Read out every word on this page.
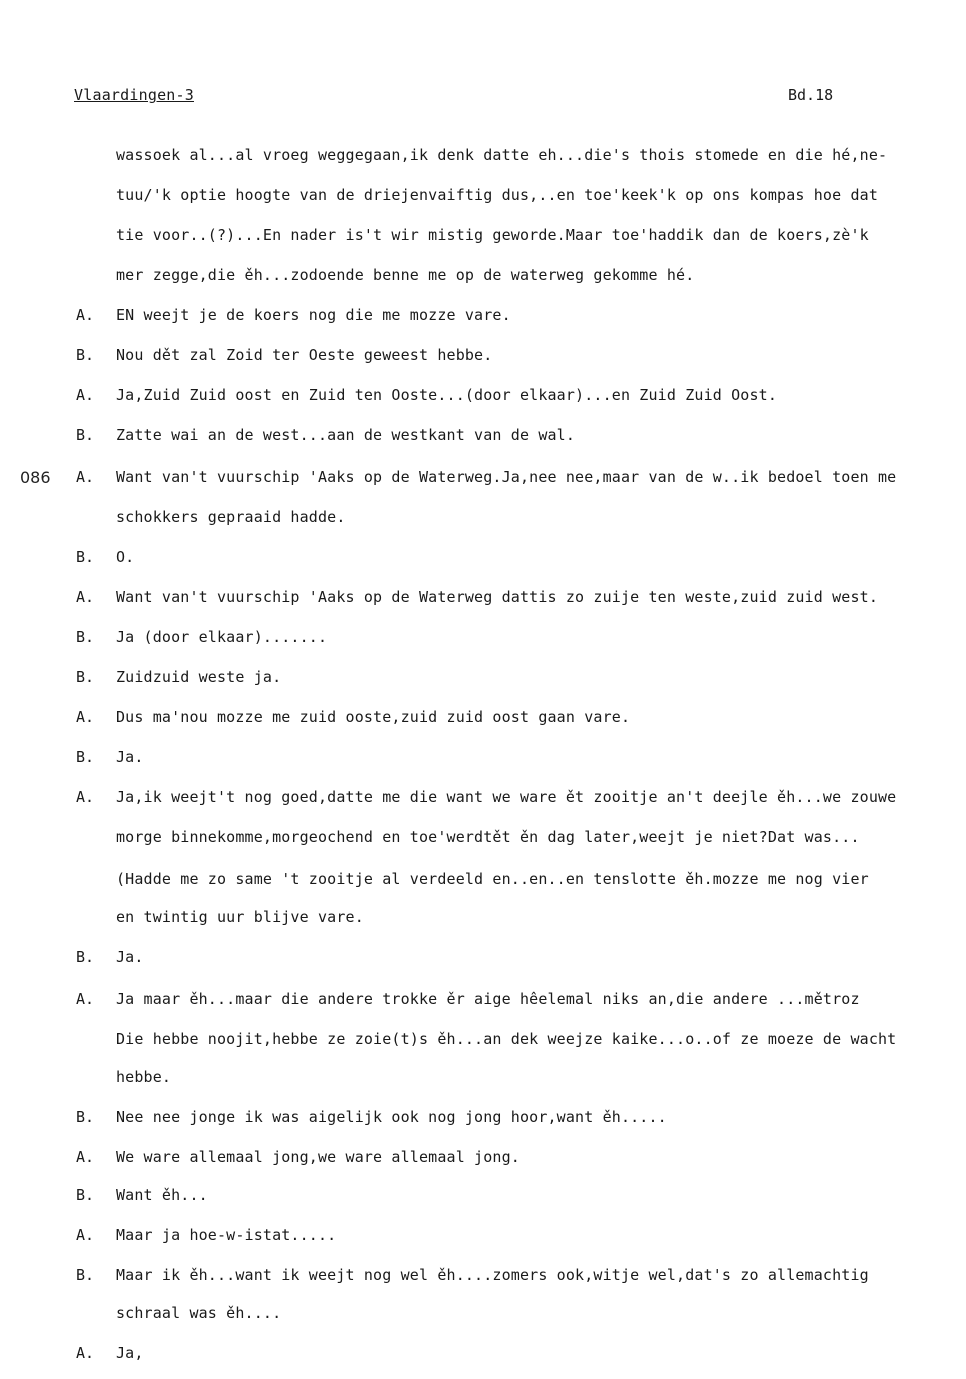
Vlaardingen-3	Bd.18
086
wassoek al...al vroeg weggegaan,ik denk datte eh...die's thois stomede en die hé,ne-
tuu/'k optie hoogte van de driejenvaiftig dus,..en toe'keek'k op ons kompas hoe dat
tie voor..(?)...En nader is't wir mistig geworde.Maar toe'haddik dan de koers,zè'k
mer zegge,die ěh...zodoende benne me op de waterweg gekomme hé.
A.	EN weejt je de koers nog die me mozze vare.
B.	Nou dět zal Zoid ter Oeste geweest hebbe.
A.	Ja,Zuid Zuid oost en Zuid ten Ooste...(door elkaar)...en Zuid Zuid Oost.
B.	Zatte wai an de west...aan de westkant van de wal.
A.	Want van't vuurschip 'Aaks op de Waterweg.Ja,nee nee,maar van de w..ik bedoel toen me
schokkers gepraaid hadde.
B.	O.
A.	Want van't vuurschip 'Aaks op de Waterweg dattis zo zuije ten weste,zuid zuid west.
B.	Ja (door elkaar).......
B.	Zuidzuid weste ja.
A.	Dus ma'nou mozze me zuid ooste,zuid zuid oost gaan vare.
B.	Ja.
A.	Ja,ik weejt't nog goed,datte me die want we ware ět zooitje an't deejle ěh...we zouwe
morge binnekomme,morgeochend en toe'werdtět ěn dag later,weejt je niet?Dat was...
(Hadde me zo same 't zooitje al verdeeld en..en..en tenslotte ěh.mozze me nog vier
en twintig uur blijve vare.
B.	Ja.
A.	Ja maar ěh...maar die andere trokke ěr aige hêelemal niks an,die andere ...mětroz
Die hebbe noojit,hebbe ze zoie(t)s ěh...an dek weejze kaike...o..of ze moeze de wacht
hebbe.
B.	Nee nee jonge ik was aigelijk ook nog jong hoor,want ěh.....
A.	We ware allemaal jong,we ware allemaal jong.
B.	Want ěh...
A.	Maar ja hoe-w-istat.....
B.	Maar ik ěh...want ik weejt nog wel ěh....zomers ook,witje wel,dat's zo allemachtig
schraal was ěh....
A.	Ja,
